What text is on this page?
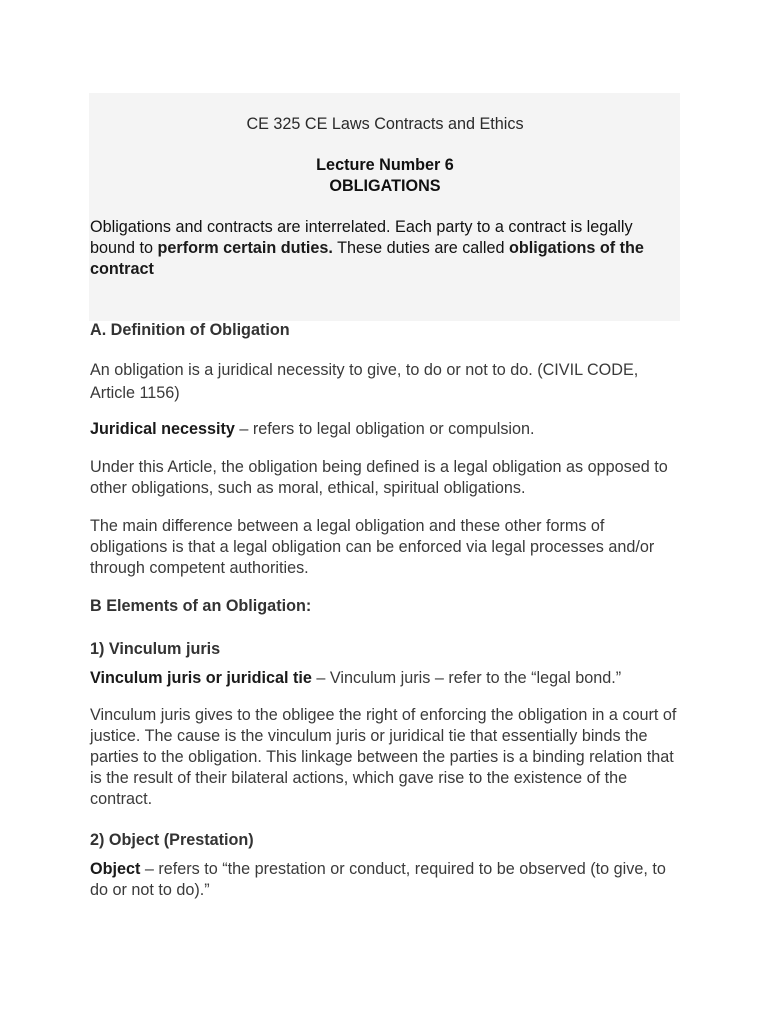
CE 325 CE Laws Contracts and Ethics

Lecture Number 6
OBLIGATIONS

Obligations and contracts are interrelated. Each party to a contract is legally bound to perform certain duties. These duties are called obligations of the contract

A. Definition of Obligation

An obligation is a juridical necessity to give, to do or not to do. (CIVIL CODE, Article 1156)

Juridical necessity – refers to legal obligation or compulsion.

Under this Article, the obligation being defined is a legal obligation as opposed to other obligations, such as moral, ethical, spiritual obligations.

The main difference between a legal obligation and these other forms of obligations is that a legal obligation can be enforced via legal processes and/or through competent authorities.

B Elements of an Obligation:

1) Vinculum juris

Vinculum juris or juridical tie – Vinculum juris – refer to the “legal bond.”

Vinculum juris gives to the obligee the right of enforcing the obligation in a court of justice. The cause is the vinculum juris or juridical tie that essentially binds the parties to the obligation. This linkage between the parties is a binding relation that is the result of their bilateral actions, which gave rise to the existence of the contract.

2) Object (Prestation)

Object – refers to “the prestation or conduct, required to be observed (to give, to do or not to do).”
